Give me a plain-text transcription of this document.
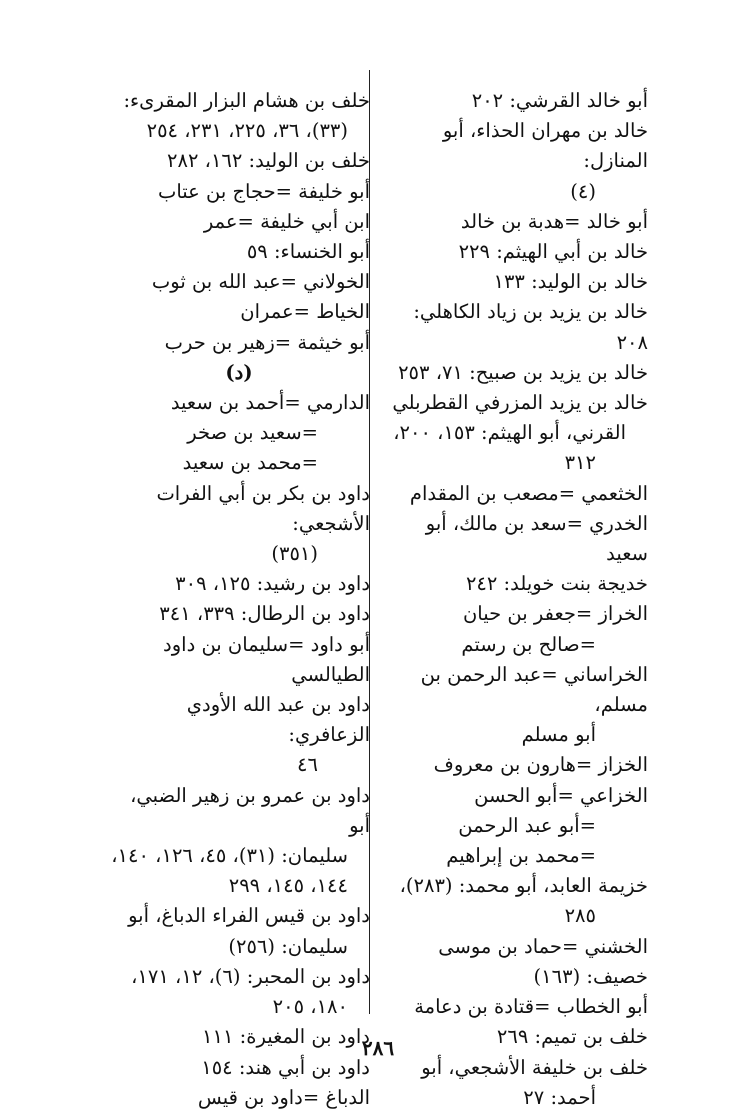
أبو خالد القرشي: ٢٠٢
خالد بن مهران الحذاء، أبو المنازل:
(٤)
أبو خالد =هدبة بن خالد
خالد بن أبي الهيثم: ٢٢٩
خالد بن الوليد: ١٣٣
خالد بن يزيد بن زياد الكاهلي: ٢٠٨
خالد بن يزيد بن صبيح: ٧١، ٢٥٣
خالد بن يزيد المزرفي القطربلي
القرني، أبو الهيثم: ١٥٣، ٢٠٠،
٣١٢
الخثعمي =مصعب بن المقدام
الخدري =سعد بن مالك، أبو سعيد
خديجة بنت خويلد: ٢٤٢
الخراز =جعفر بن حيان
=صالح بن رستم
الخراساني =عبد الرحمن بن مسلم،
أبو مسلم
الخزاز =هارون بن معروف
الخزاعي =أبو الحسن
=أبو عبد الرحمن
=محمد بن إبراهيم
خزيمة العابد، أبو محمد: (٢٨٣)،
٢٨٥
الخشني =حماد بن موسى
خصيف: (١٦٣)
أبو الخطاب =قتادة بن دعامة
خلف بن تميم: ٢٦٩
خلف بن خليفة الأشجعي، أبو
أحمد: ٢٧
خلف بن هشام البزار المقرىء:
(٣٣)، ٣٦، ٢٢٥، ٢٣١، ٢٥٤
خلف بن الوليد: ١٦٢، ٢٨٢
أبو خليفة =حجاج بن عتاب
ابن أبي خليفة =عمر
أبو الخنساء: ٥٩
الخولاني =عبد الله بن ثوب
الخياط =عمران
أبو خيثمة =زهير بن حرب
(د)
الدارمي =أحمد بن سعيد
=سعيد بن صخر
=محمد بن سعيد
داود بن بكر بن أبي الفرات الأشجعي:
(٣٥١)
داود بن رشيد: ١٢٥، ٣٠٩
داود بن الرطال: ٣٣٩، ٣٤١
أبو داود =سليمان بن داود الطيالسي
داود بن عبد الله الأودي الزعافري:
٤٦
داود بن عمرو بن زهير الضبي، أبو
سليمان: (٣١)، ٤٥، ١٢٦، ١٤٠،
١٤٤، ١٤٥، ٢٩٩
داود بن قيس الفراء الدباغ، أبو
سليمان: (٢٥٦)
داود بن المحبر: (٦)، ١٢، ١٧١،
١٨٠، ٢٠٥
داود بن المغيرة: ١١١
داود بن أبي هند: ١٥٤
الدباغ =داود بن قيس
٢٨٦
